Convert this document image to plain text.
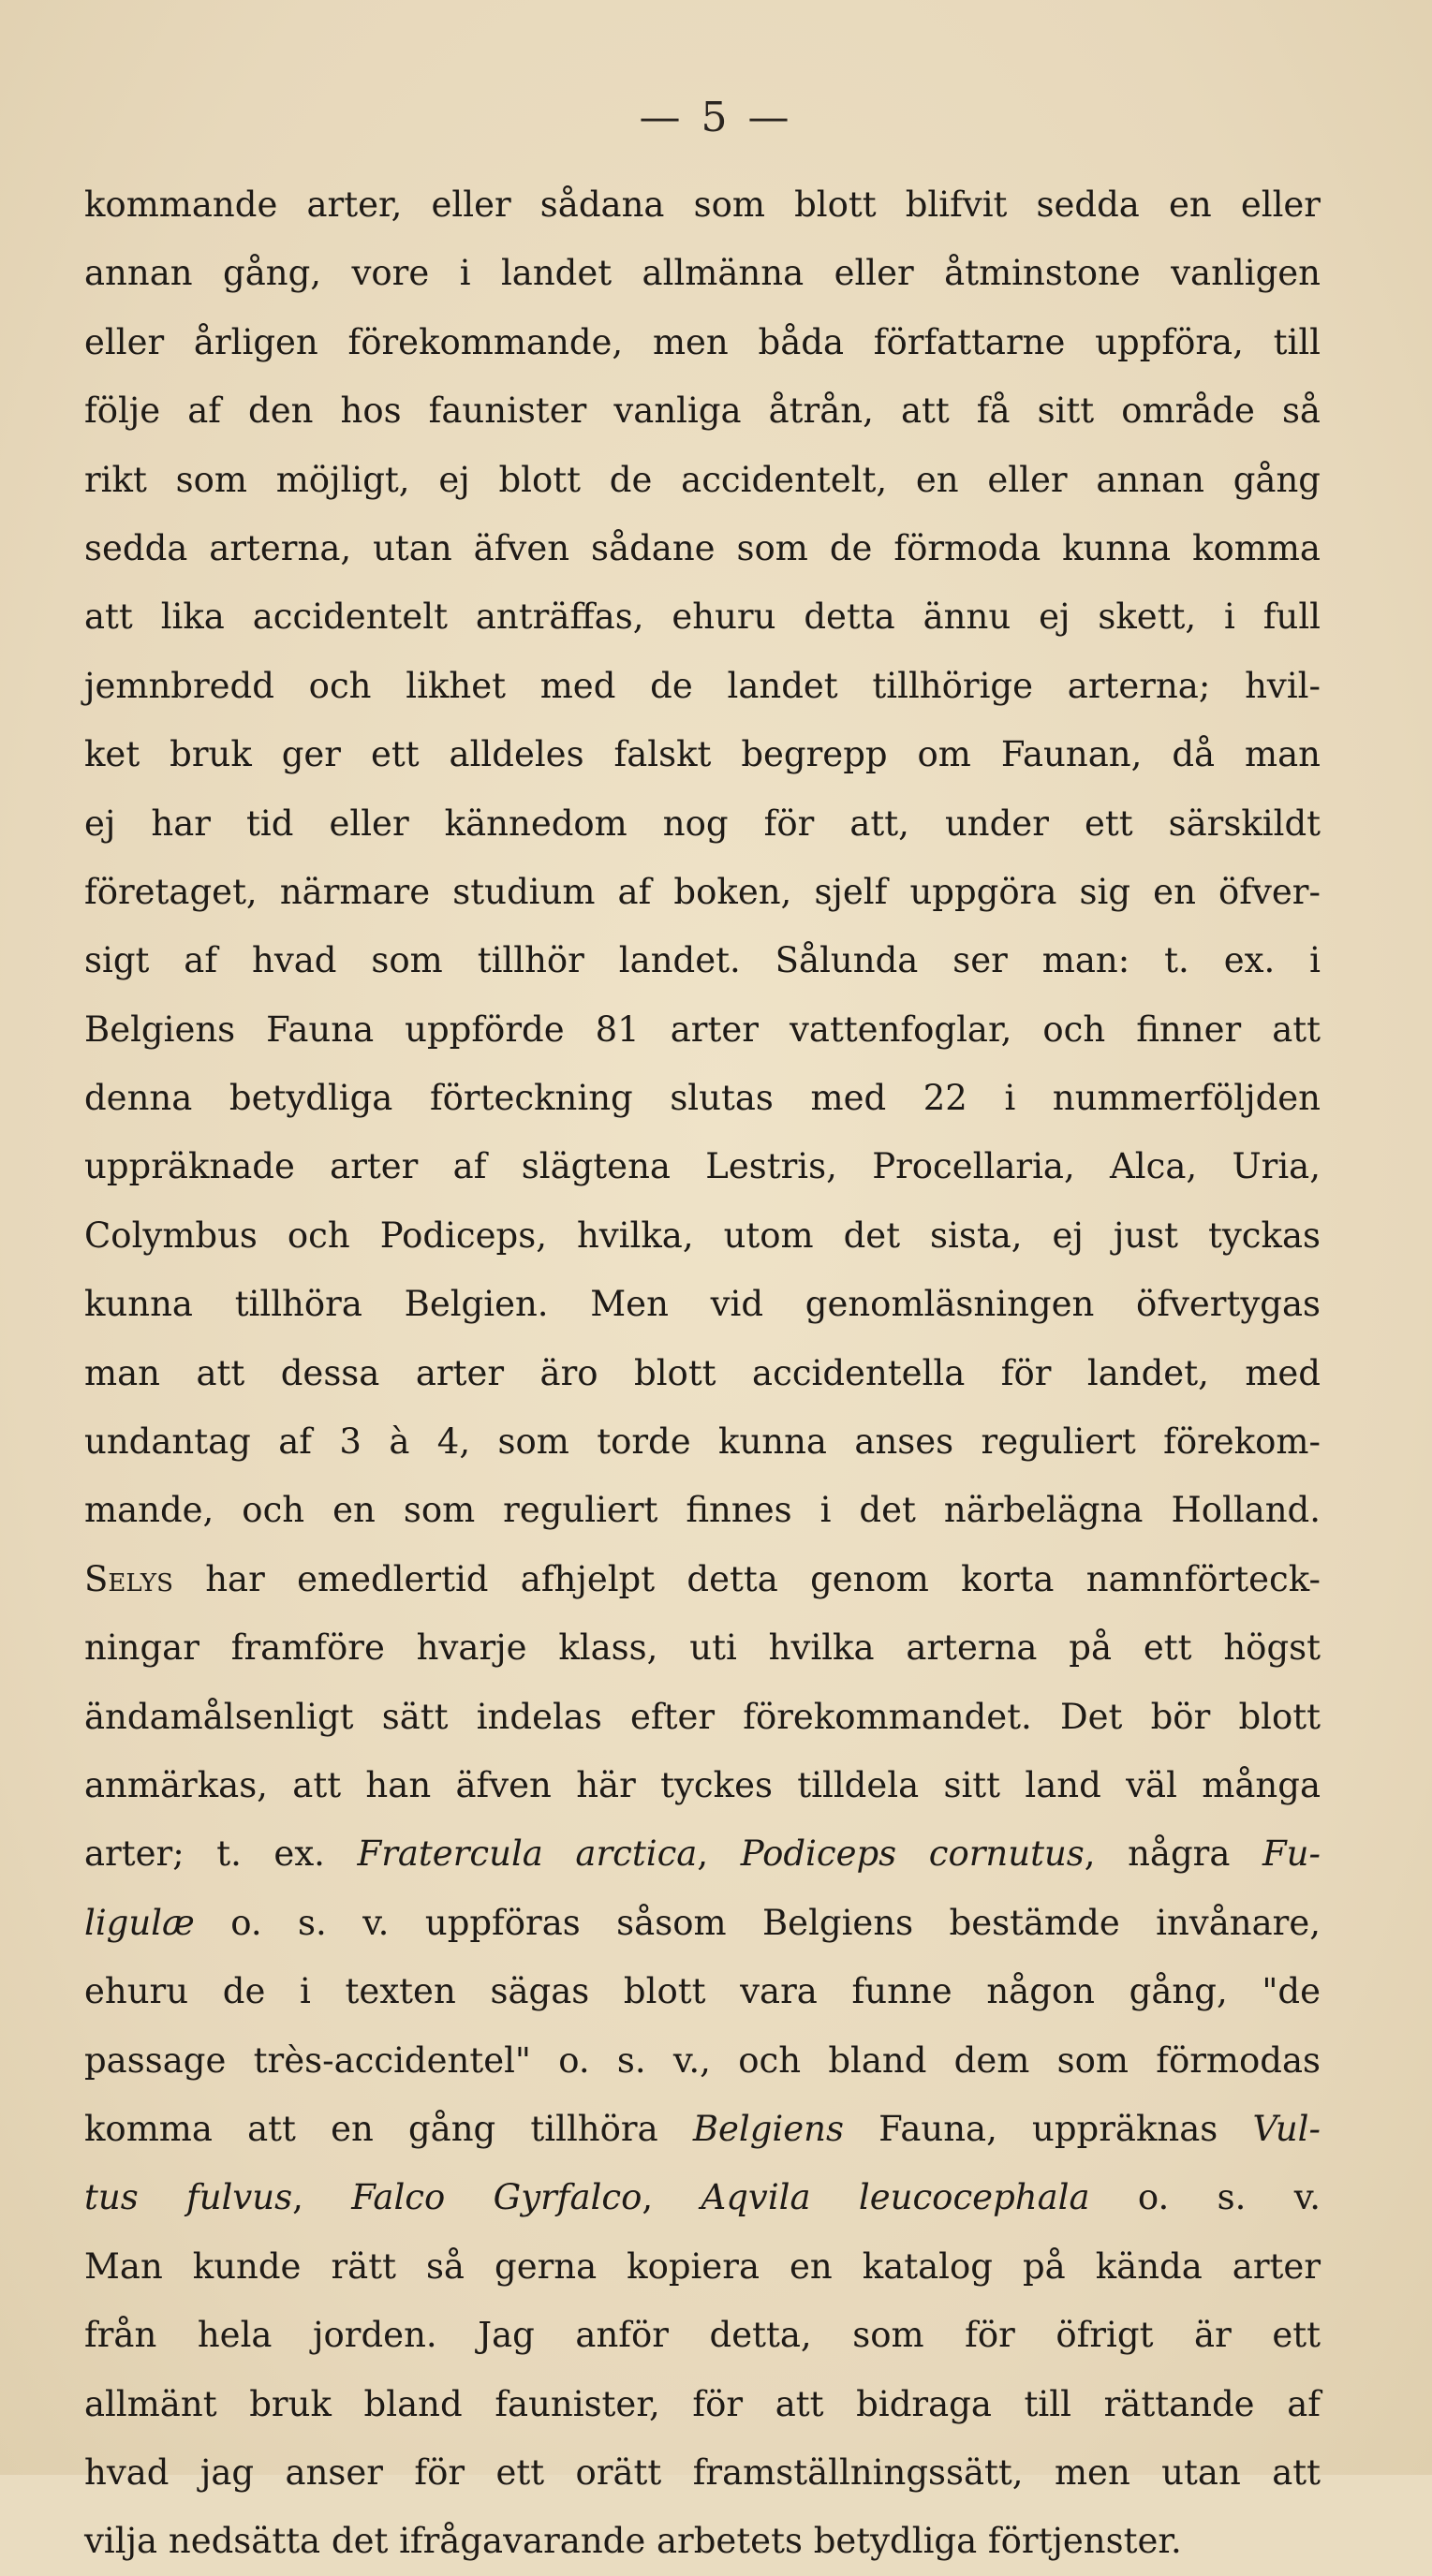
— 5 —
kommande arter, eller sådana som blott blifvit sedda en eller
annan gång, vore i landet allmänna eller åtminstone vanligen
eller årligen förekommande, men båda författarne uppföra, till
följe af den hos faunister vanliga åtrån, att få sitt område så
rikt som möjligt, ej blott de accidentelt, en eller annan gång
sedda arterna, utan äfven sådane som de förmoda kunna komma
att lika accidentelt anträffas, ehuru detta ännu ej skett, i full
jemnbredd och likhet med de landet tillhörige arterna; hvil-
ket bruk ger ett alldeles falskt begrepp om Faunan, då man
ej har tid eller kännedom nog för att, under ett särskildt
företaget, närmare studium af boken, sjelf uppgöra sig en öfver-
sigt af hvad som tillhör landet. Sålunda ser man: t. ex. i
Belgiens Fauna uppförde 81 arter vattenfoglar, och finner att
denna betydliga förteckning slutas med 22 i nummerföljden
uppräknade arter af slägtena Lestris, Procellaria, Alca, Uria,
Colymbus och Podiceps, hvilka, utom det sista, ej just tyckas
kunna tillhöra Belgien. Men vid genomläsningen öfvertygas
man att dessa arter äro blott accidentella för landet, med
undantag af 3 à 4, som torde kunna anses reguliert förekom-
mande, och en som reguliert finnes i det närbelägna Holland.
Selys har emedlertid afhjelpt detta genom korta namnförteck-
ningar framföre hvarje klass, uti hvilka arterna på ett högst
ändamålsenligt sätt indelas efter förekommandet. Det bör blott
anmärkas, att han äfven här tyckes tilldela sitt land väl många
arter; t. ex. Fratercula arctica, Podiceps cornutus, några Fu-
ligulæ o. s. v. uppföras såsom Belgiens bestämde invånare,
ehuru de i texten sägas blott vara funne någon gång, "de
passage très-accidentel" o. s. v., och bland dem som förmodas
komma att en gång tillhöra Belgiens Fauna, uppräknas Vul-
tus fulvus, Falco Gyrfalco, Aqvila leucocephala o. s. v.
Man kunde rätt så gerna kopiera en katalog på kända arter
från hela jorden. Jag anför detta, som för öfrigt är ett
allmänt bruk bland faunister, för att bidraga till rättande af
hvad jag anser för ett orätt framställningssätt, men utan att
vilja nedsätta det ifrågavarande arbetets betydliga förtjenster.
